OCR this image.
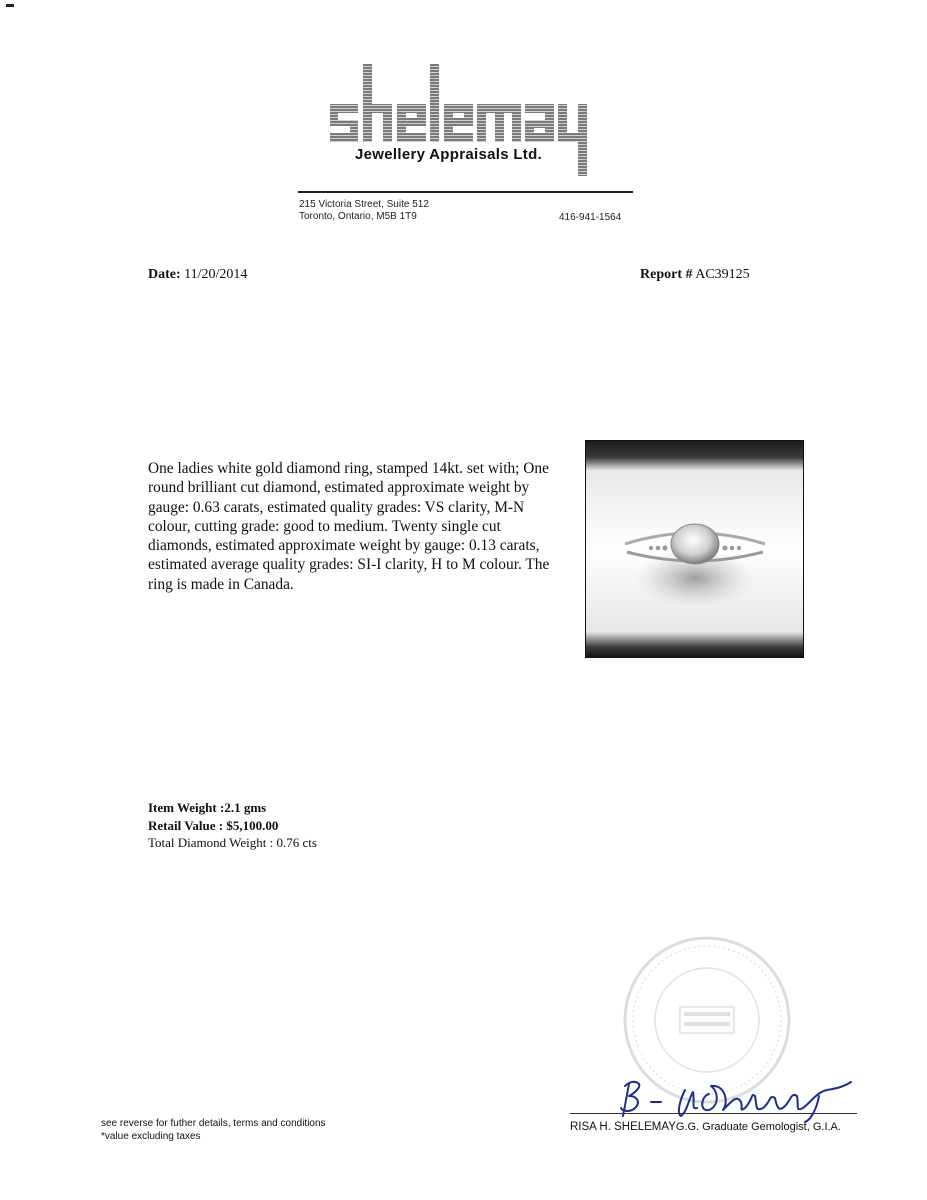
Jewellery Appraisals Ltd.
215 Victoria Street, Suite 512
Toronto, Ontario, M5B 1T9	416-941-1564
Date: 11/20/2014	Report # AC39125
One ladies white gold diamond ring, stamped 14kt. set with; One round brilliant cut diamond, estimated approximate weight by gauge: 0.63 carats, estimated quality grades: VS clarity, M-N colour, cutting grade: good to medium. Twenty single cut diamonds, estimated approximate weight by gauge: 0.13 carats, estimated average quality grades: SI-I clarity, H to M colour. The ring is made in Canada.
Item Weight :2.1 gms
Retail Value : $5,100.00
Total Diamond Weight : 0.76 cts
see reverse for futher details, terms and conditions
*value excluding taxes
RISA H. SHELEMAYG.G. Graduate Gemologist, G.I.A.
